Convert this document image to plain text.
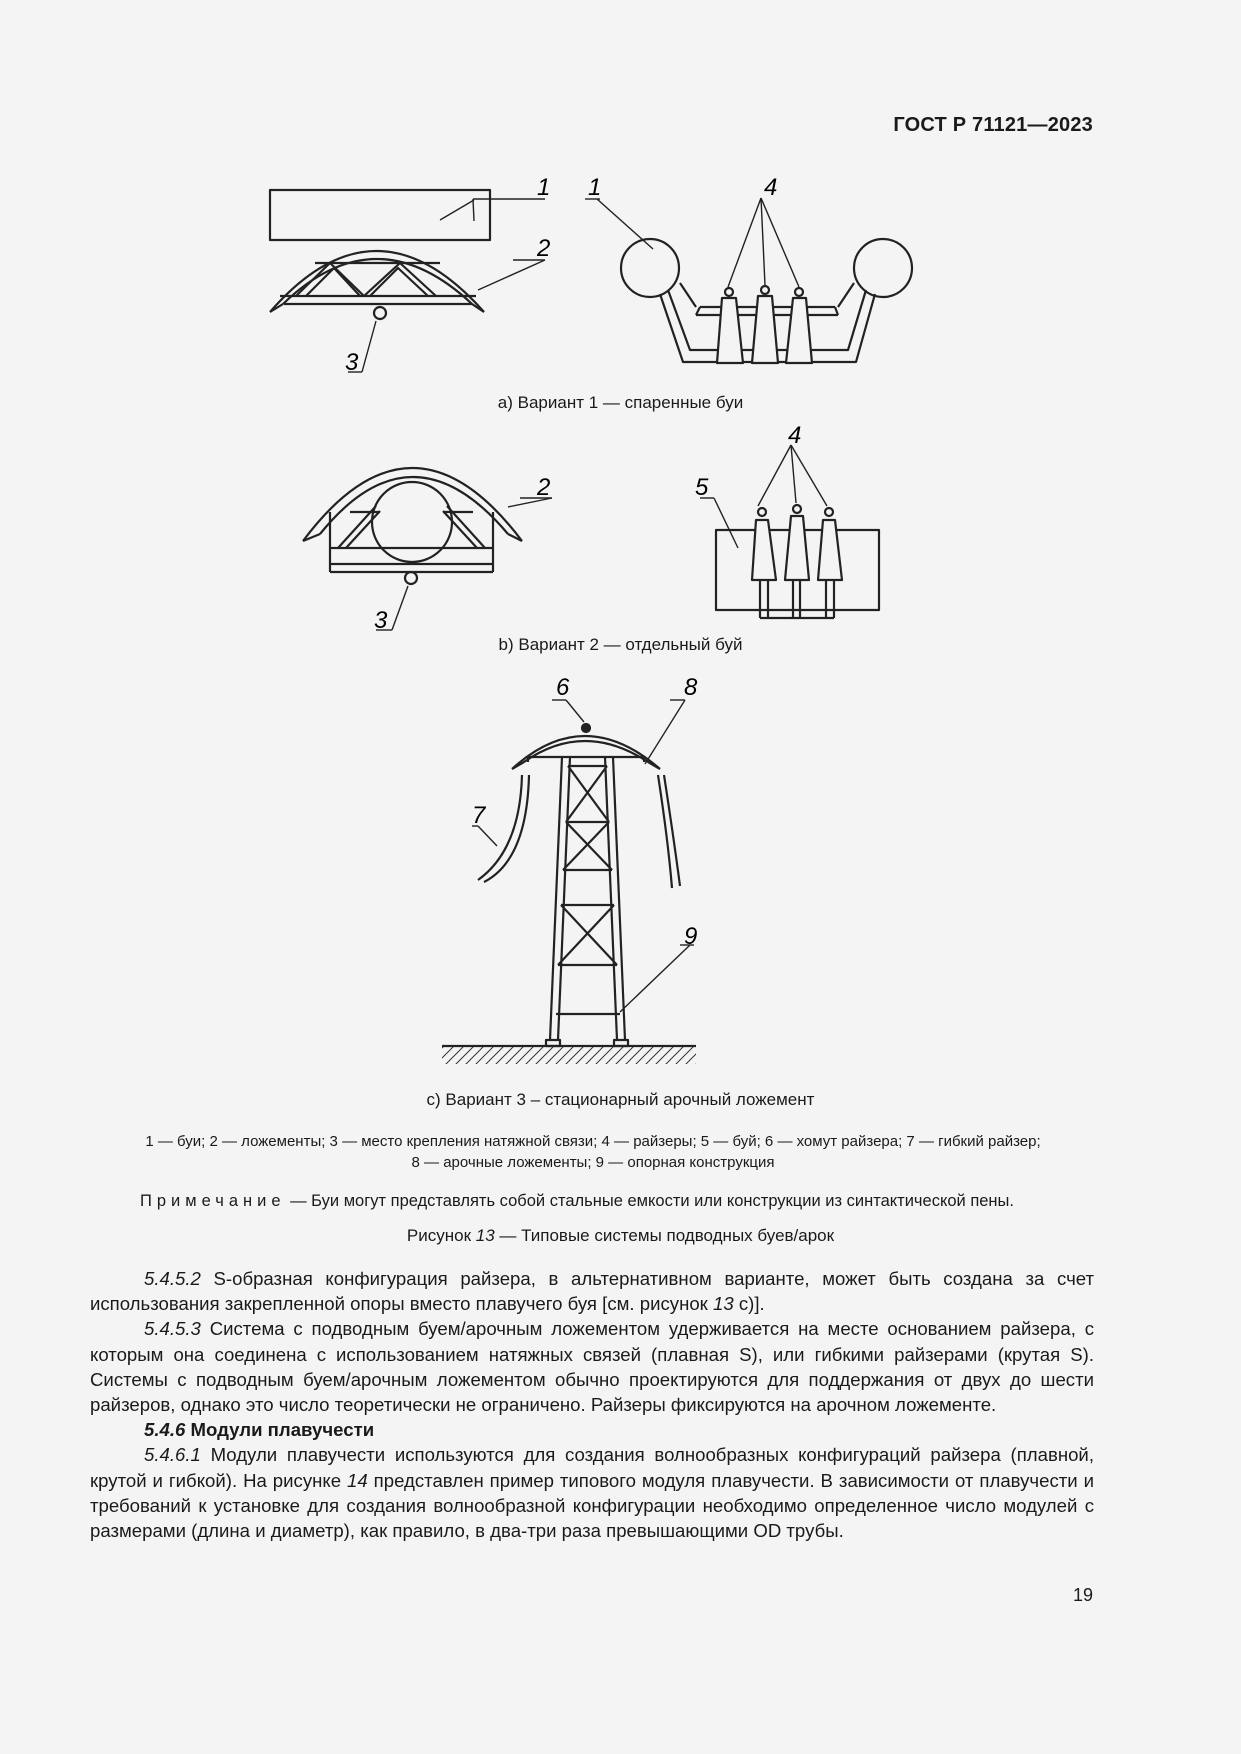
ГОСТ Р 71121—2023
1 1
2
3
4
2
3
4
5
6	8
7
9
a) Вариант 1 — спаренные буи
b) Вариант 2 — отдельный буй
с) Вариант 3 – стационарный арочный ложемент
1 — буи; 2 — ложементы; 3 — место крепления натяжной связи; 4 — райзеры; 5 — буй; 6 — хомут райзера; 7 — гибкий райзер;
8 — арочные ложементы; 9 — опорная конструкция
Примечание — Буи могут представлять собой стальные емкости или конструкции из синтактической пены.
Рисунок 13 — Типовые системы подводных буев/арок

5.4.5.2 S-образная конфигурация райзера, в альтернативном варианте, может быть создана за счет использования закрепленной опоры вместо плавучего буя [см. рисунок 13 с)].

5.4.5.3 Система с подводным буем/арочным ложементом удерживается на месте основанием райзера, с которым она соединена с использованием натяжных связей (плавная S), или гибкими райзерами (крутая S). Системы с подводным буем/арочным ложементом обычно проектируются для поддержания от двух до шести райзеров, однако это число теоретически не ограничено. Райзеры фиксируются на арочном ложементе.

5.4.6 Модули плавучести

5.4.6.1 Модули плавучести используются для создания волнообразных конфигураций райзера (плавной, крутой и гибкой). На рисунке 14 представлен пример типового модуля плавучести. В зависимости от плавучести и требований к установке для создания волнообразной конфигурации необходимо определенное число модулей с размерами (длина и диаметр), как правило, в два-три раза превышающими OD трубы.

19
